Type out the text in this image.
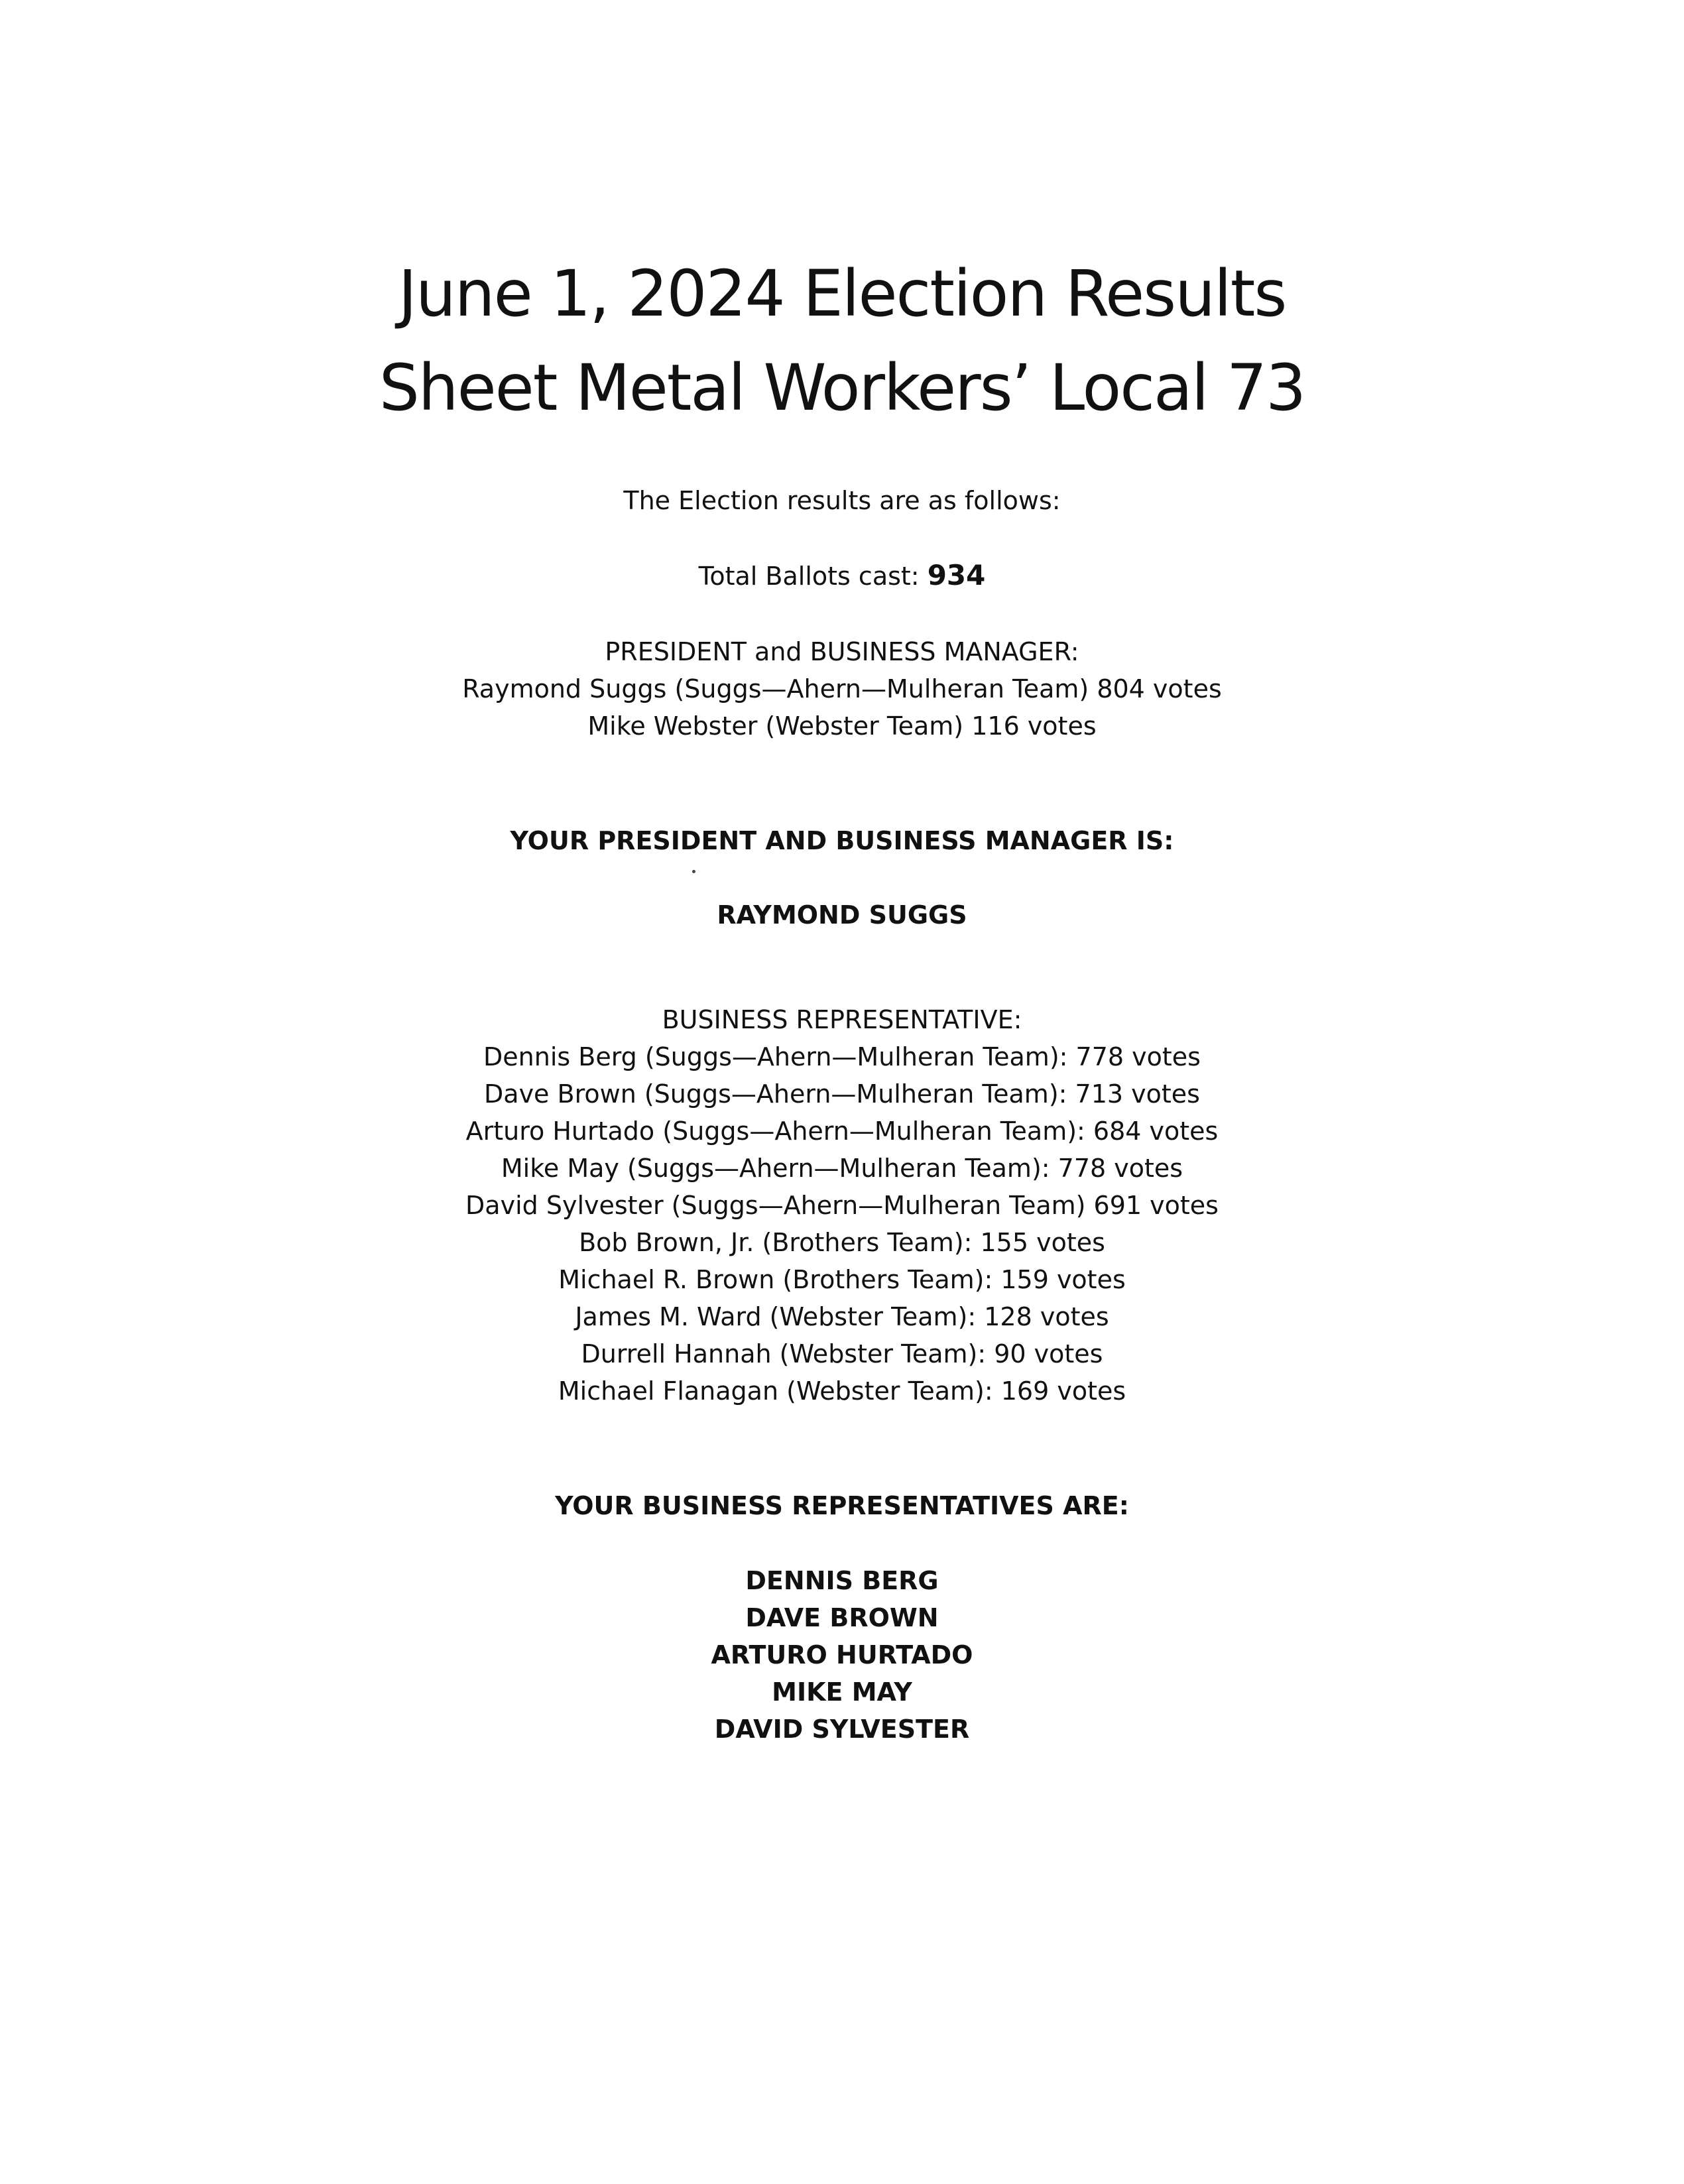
June 1, 2024 Election Results
Sheet Metal Workers’ Local 73
The Election results are as follows:
Total Ballots cast: 934
PRESIDENT and BUSINESS MANAGER:
Raymond Suggs (Suggs—Ahern—Mulheran Team) 804 votes
Mike Webster (Webster Team) 116 votes
YOUR PRESIDENT AND BUSINESS MANAGER IS:
RAYMOND SUGGS
BUSINESS REPRESENTATIVE:
Dennis Berg (Suggs—Ahern—Mulheran Team): 778 votes
Dave Brown (Suggs—Ahern—Mulheran Team): 713 votes
Arturo Hurtado (Suggs—Ahern—Mulheran Team): 684 votes
Mike May (Suggs—Ahern—Mulheran Team): 778 votes
David Sylvester (Suggs—Ahern—Mulheran Team) 691 votes
Bob Brown, Jr. (Brothers Team): 155 votes
Michael R. Brown (Brothers Team): 159 votes
James M. Ward (Webster Team): 128 votes
Durrell Hannah (Webster Team): 90 votes
Michael Flanagan (Webster Team): 169 votes
YOUR BUSINESS REPRESENTATIVES ARE:
DENNIS BERG
DAVE BROWN
ARTURO HURTADO
MIKE MAY
DAVID SYLVESTER
